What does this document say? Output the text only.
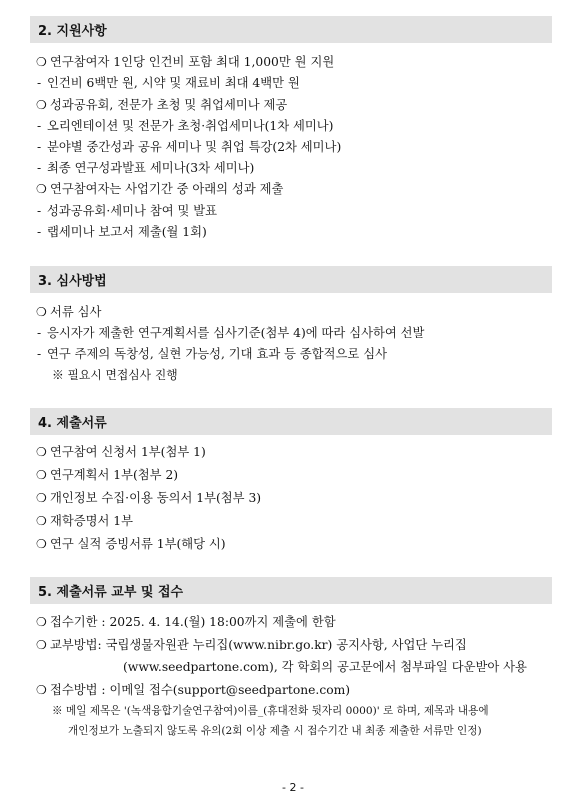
2. 지원사항
❍ 연구참여자 1인당 인건비 포함 최대 1,000만 원 지원
- 인건비 6백만 원, 시약 및 재료비 최대 4백만 원
❍ 성과공유회, 전문가 초청 및 취업세미나 제공
- 오리엔테이션 및 전문가 초청·취업세미나(1차 세미나)
- 분야별 중간성과 공유 세미나 및 취업 특강(2차 세미나)
- 최종 연구성과발표 세미나(3차 세미나)
❍ 연구참여자는 사업기간 중 아래의 성과 제출
- 성과공유회·세미나 참여 및 발표
- 랩세미나 보고서 제출(월 1회)
3. 심사방법
❍ 서류 심사
- 응시자가 제출한 연구계획서를 심사기준(첨부 4)에 따라 심사하여 선발
- 연구 주제의 독창성, 실현 가능성, 기대 효과 등 종합적으로 심사
※ 필요시 면접심사 진행
4. 제출서류
❍ 연구참여 신청서 1부(첨부 1)
❍ 연구계획서 1부(첨부 2)
❍ 개인정보 수집·이용 동의서 1부(첨부 3)
❍ 재학증명서 1부
❍ 연구 실적 증빙서류 1부(해당 시)
5. 제출서류 교부 및 접수
❍ 접수기한 : 2025. 4. 14.(월) 18:00까지 제출에 한함
❍ 교부방법: 국립생물자원관 누리집(www.nibr.go.kr) 공지사항, 사업단 누리집
(www.seedpartone.com), 각 학회의 공고문에서 첨부파일 다운받아 사용
❍ 접수방법 : 이메일 접수(support@seedpartone.com)
※ 메일 제목은 '(녹색융합기술연구참여)이름_(휴대전화 뒷자리 0000)' 로 하며, 제목과 내용에
개인정보가 노출되지 않도록 유의(2회 이상 제출 시 접수기간 내 최종 제출한 서류만 인정)
- 2 -
